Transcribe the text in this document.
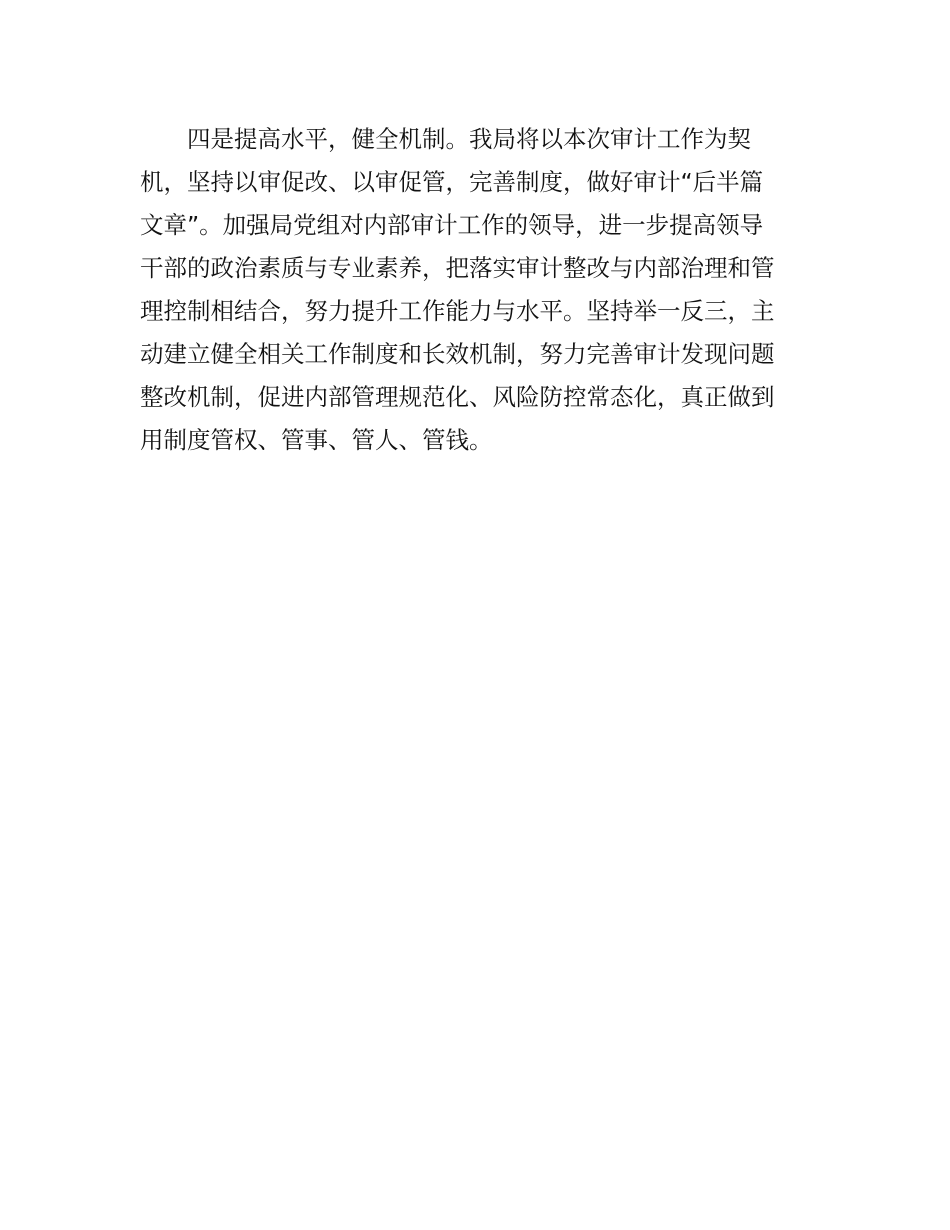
四是提高水平，健全机制。我局将以本次审计工作为契
机，坚持以审促改、以审促管，完善制度，做好审计“后半篇
文章”。加强局党组对内部审计工作的领导，进一步提高领导
干部的政治素质与专业素养，把落实审计整改与内部治理和管
理控制相结合，努力提升工作能力与水平。坚持举一反三，主
动建立健全相关工作制度和长效机制，努力完善审计发现问题
整改机制，促进内部管理规范化、风险防控常态化，真正做到
用制度管权、管事、管人、管钱。
